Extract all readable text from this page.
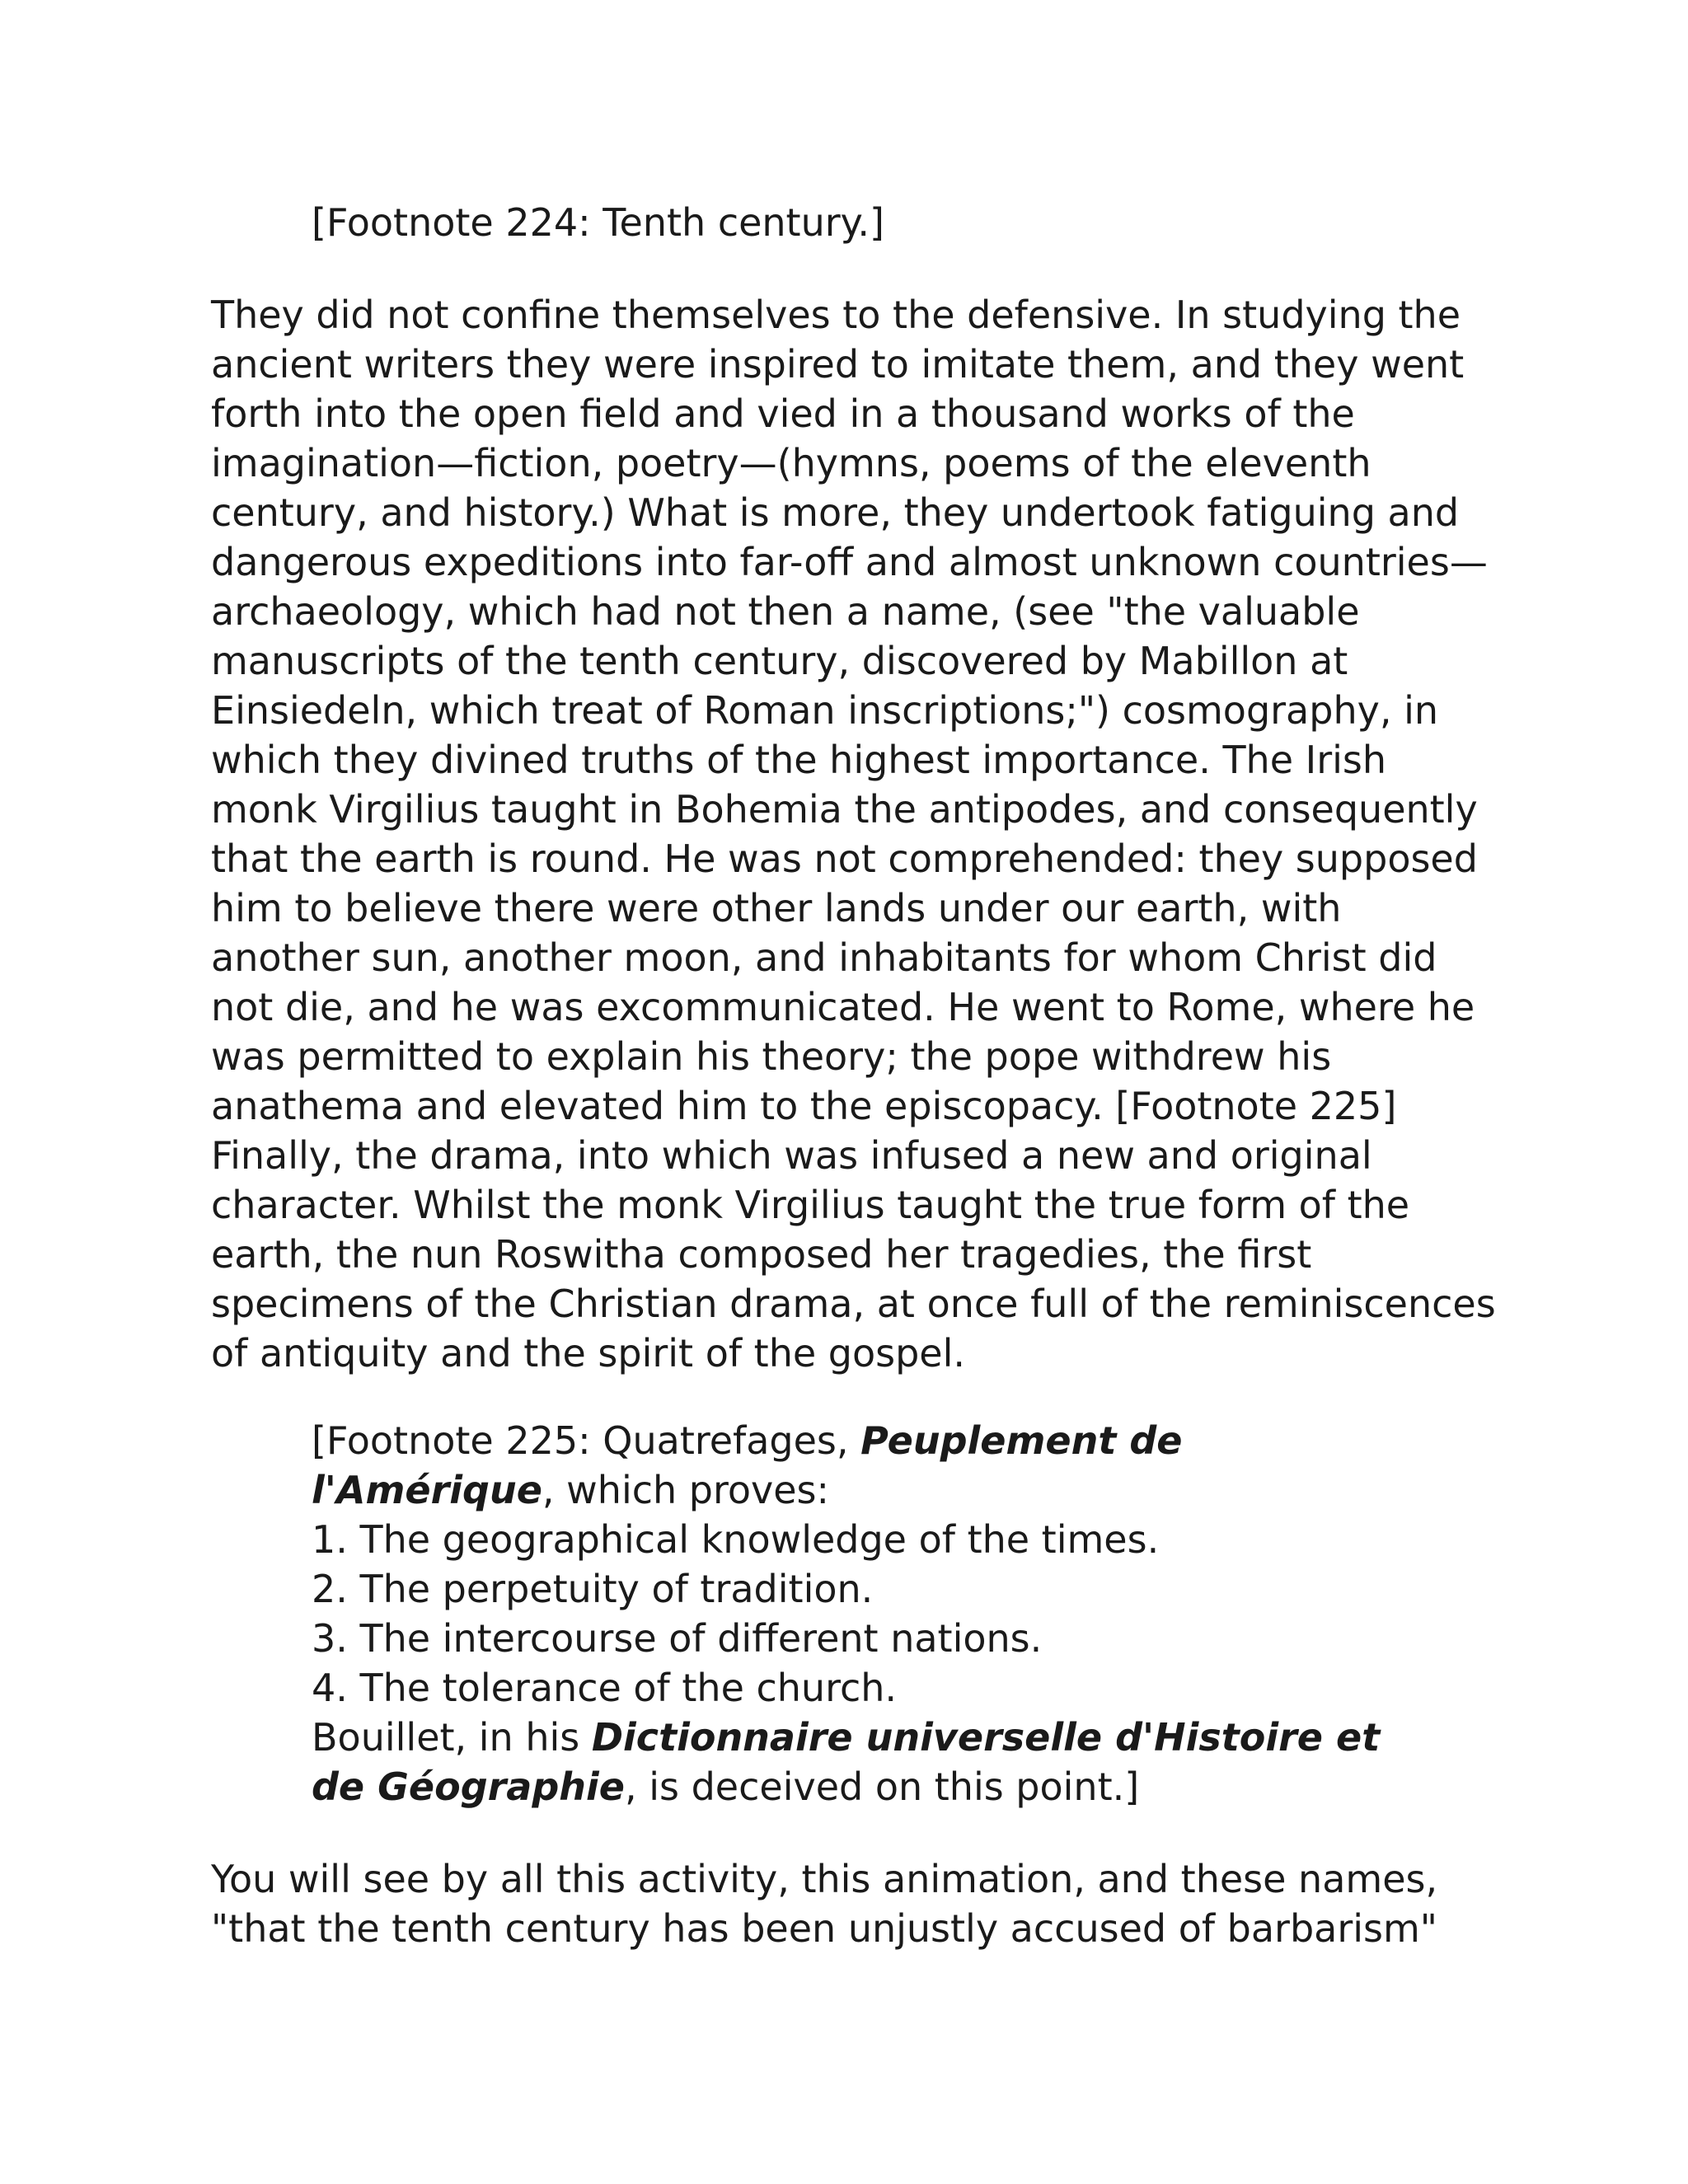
[Footnote 224: Tenth century.]

They did not confine themselves to the defensive. In studying the
ancient writers they were inspired to imitate them, and they went
forth into the open field and vied in a thousand works of the
imagination—fiction, poetry—(hymns, poems of the eleventh
century, and history.) What is more, they undertook fatiguing and
dangerous expeditions into far-off and almost unknown countries—
archaeology, which had not then a name, (see "the valuable
manuscripts of the tenth century, discovered by Mabillon at
Einsiedeln, which treat of Roman inscriptions;") cosmography, in
which they divined truths of the highest importance. The Irish
monk Virgilius taught in Bohemia the antipodes, and consequently
that the earth is round. He was not comprehended: they supposed
him to believe there were other lands under our earth, with
another sun, another moon, and inhabitants for whom Christ did
not die, and he was excommunicated. He went to Rome, where he
was permitted to explain his theory; the pope withdrew his
anathema and elevated him to the episcopacy. [Footnote 225]
Finally, the drama, into which was infused a new and original
character. Whilst the monk Virgilius taught the true form of the
earth, the nun Roswitha composed her tragedies, the first
specimens of the Christian drama, at once full of the reminiscences
of antiquity and the spirit of the gospel.

[Footnote 225: Quatrefages, Peuplement de
l'Amérique, which proves:
1. The geographical knowledge of the times.
2. The perpetuity of tradition.
3. The intercourse of different nations.
4. The tolerance of the church.
Bouillet, in his Dictionnaire universelle d'Histoire et
de Géographie, is deceived on this point.]

You will see by all this activity, this animation, and these names,
"that the tenth century has been unjustly accused of barbarism"
